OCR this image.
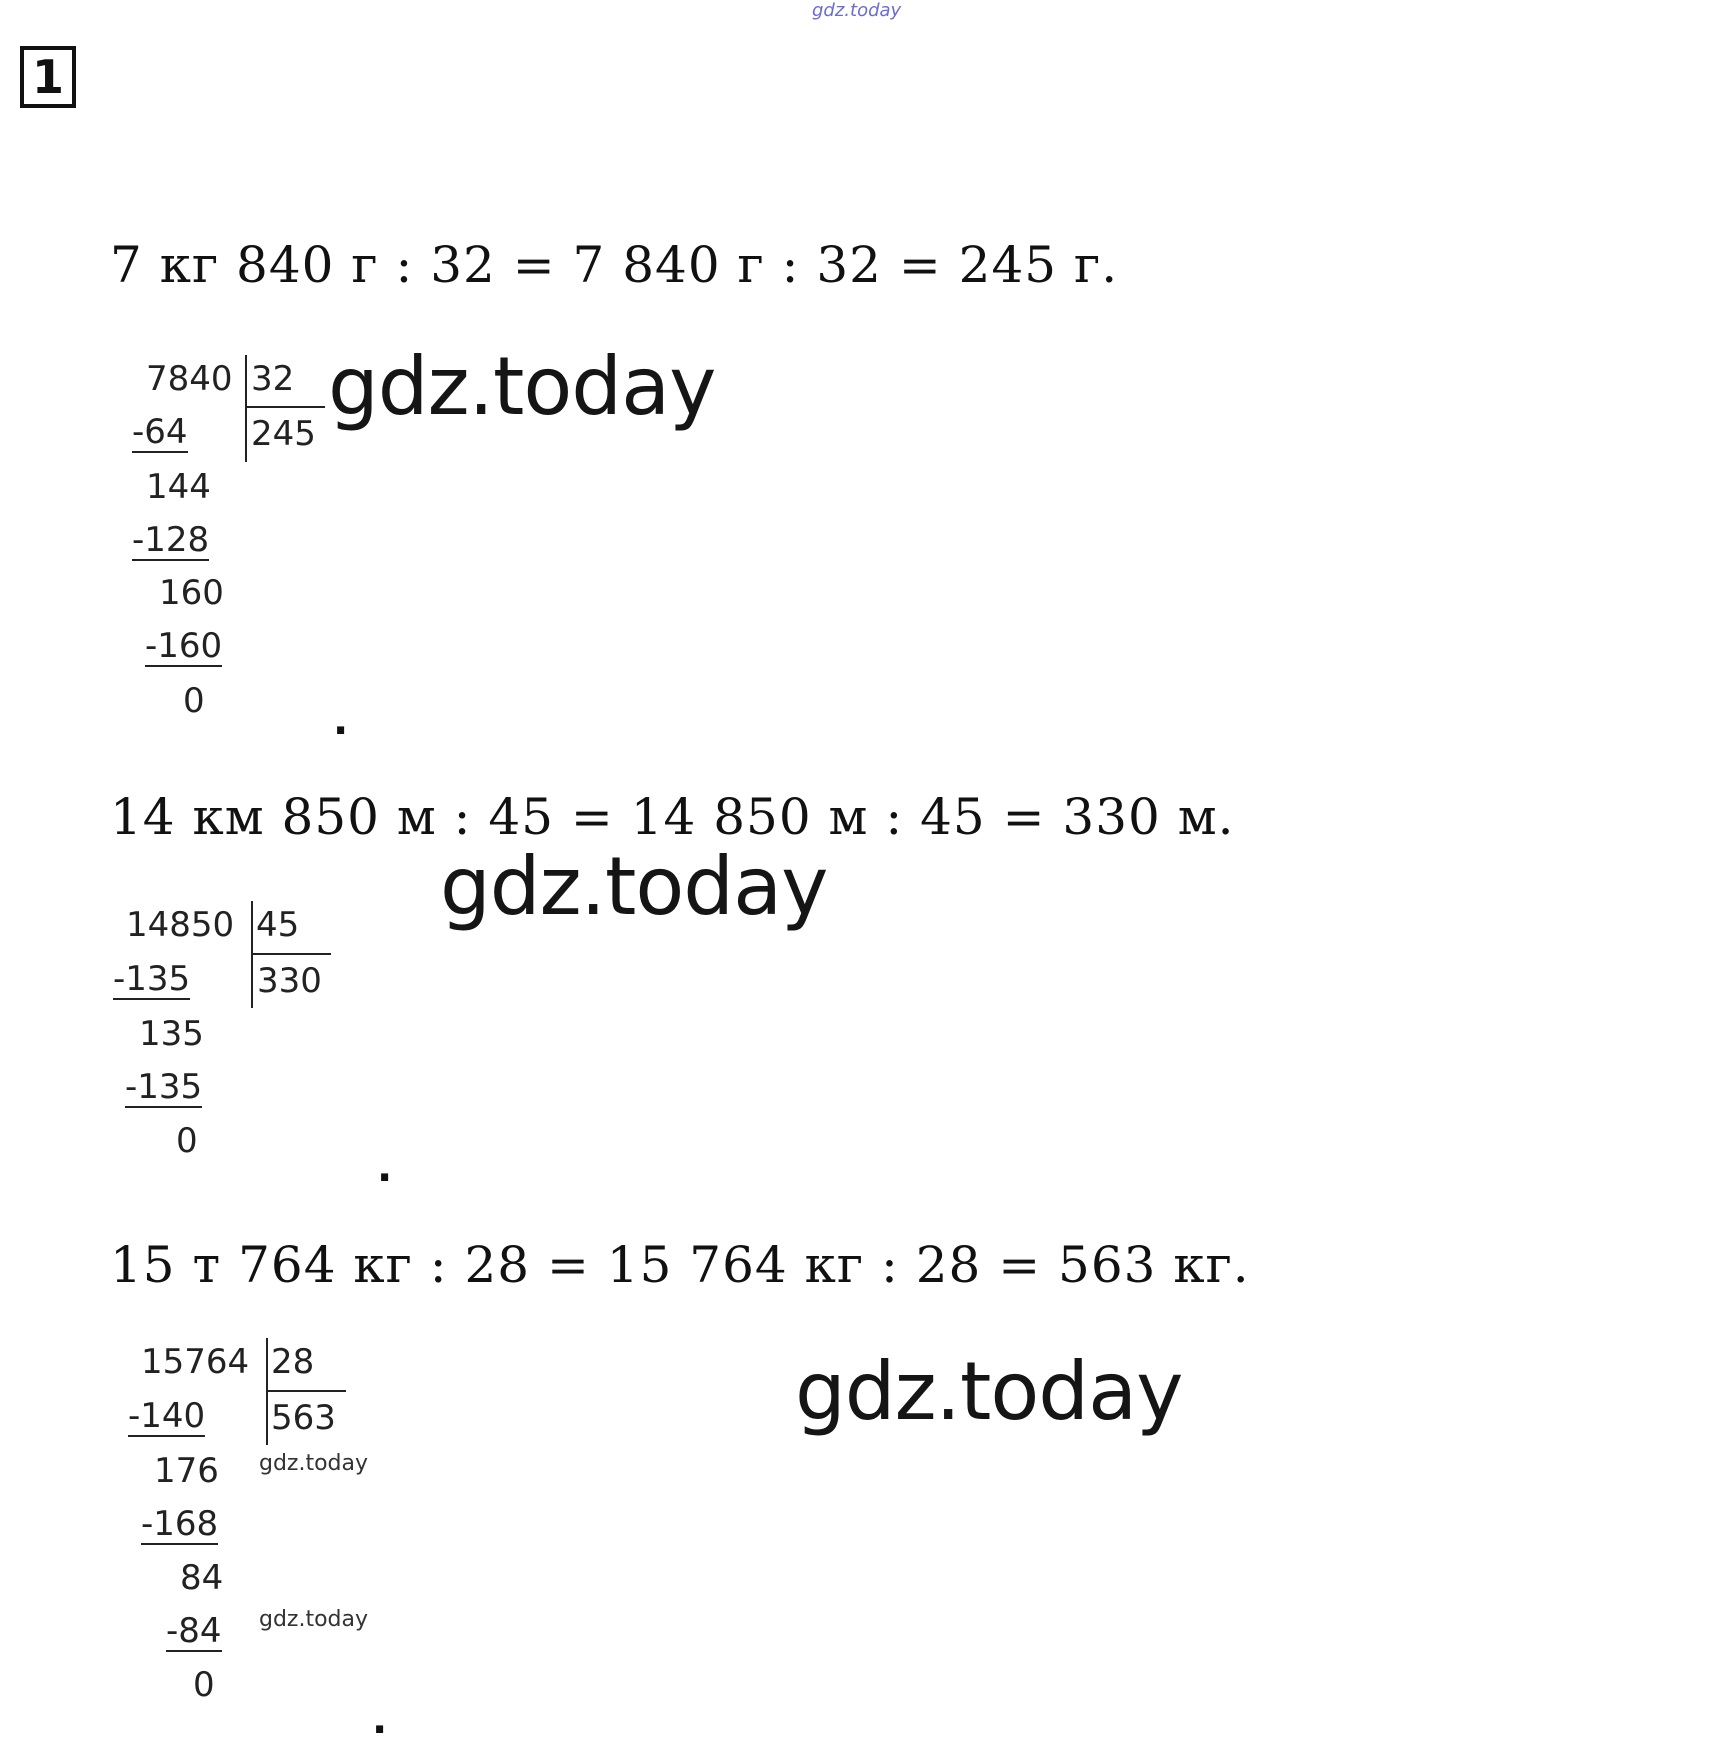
gdz.today
1
7 кг 840 г : 32 = 7 840 г : 32 = 245 г.
7840 32
245
-64
144
-128
160
-160
0
gdz.today
.
14 км 850 м : 45 = 14 850 м : 45 = 330 м.
14850 45
330
-135
135
-135
0
gdz.today
.
15 т 764 кг : 28 = 15 764 кг : 28 = 563 кг.
15764 28
563
-140
176
-168
84
-84
0
gdz.today
gdz.today
gdz.today
.
